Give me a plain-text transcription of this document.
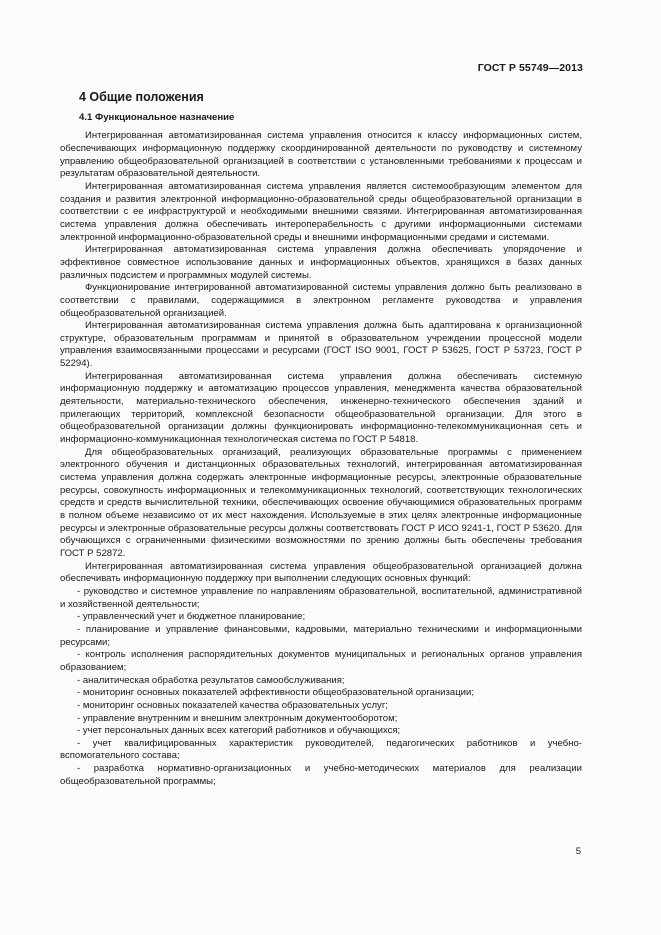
ГОСТ Р 55749—2013
4 Общие положения
4.1 Функциональное назначение

Интегрированная автоматизированная система управления относится к классу информационных систем, обеспечивающих информационную поддержку скоординированной деятельности по руководству и системному управлению общеобразовательной организацией в соответствии с установленными требованиями к процессам и результатам образовательной деятельности.

Интегрированная автоматизированная система управления является системообразующим элементом для создания и развития электронной информационно-образовательной среды общеобразовательной организации в соответствии с ее инфраструктурой и необходимыми внешними связями. Интегрированная автоматизированная система управления должна обеспечивать интероперабельность с другими информационными системами электронной информационно-образовательной среды и внешними информационными средами и системами.

Интегрированная автоматизированная система управления должна обеспечивать упорядочение и эффективное совместное использование данных и информационных объектов, хранящихся в базах данных различных подсистем и программных модулей системы.

Функционирование интегрированной автоматизированной системы управления должно быть реализовано в соответствии с правилами, содержащимися в электронном регламенте руководства и управления общеобразовательной организацией.

Интегрированная автоматизированная система управления должна быть адаптирована к организационной структуре, образовательным программам и принятой в образовательном учреждении процессной модели управления взаимосвязанными процессами и ресурсами (ГОСТ ISO 9001, ГОСТ Р 53625, ГОСТ Р 53723, ГОСТ Р 52294).

Интегрированная автоматизированная система управления должна обеспечивать системную информационную поддержку и автоматизацию процессов управления, менеджмента качества образовательной деятельности, материально-технического обеспечения, инженерно-технического обеспечения зданий и прилегающих территорий, комплексной безопасности общеобразовательной организации. Для этого в общеобразовательной организации должны функционировать информационно-телекоммуникационная сеть и информационно-коммуникационная технологическая система по ГОСТ Р 54818.

Для общеобразовательных организаций, реализующих образовательные программы с применением электронного обучения и дистанционных образовательных технологий, интегрированная автоматизированная система управления должна содержать электронные информационные ресурсы, электронные образовательные ресурсы, совокупность информационных и телекоммуникационных технологий, соответствующих технологических средств и средств вычислительной техники, обеспечивающих освоение обучающимися образовательных программ в полном объеме независимо от их мест нахождения. Используемые в этих целях электронные информационные ресурсы и электронные образовательные ресурсы должны соответствовать ГОСТ Р ИСО 9241-1, ГОСТ Р 53620. Для обучающихся с ограниченными физическими возможностями по зрению должны быть обеспечены требования ГОСТ Р 52872.

Интегрированная автоматизированная система управления общеобразовательной организацией должна обеспечивать информационную поддержку при выполнении следующих основных функций:

- руководство и системное управление по направлениям образовательной, воспитательной, административной и хозяйственной деятельности;
- управленческий учет и бюджетное планирование;
- планирование и управление финансовыми, кадровыми, материально техническими и информационными ресурсами;
- контроль исполнения распорядительных документов муниципальных и региональных органов управления образованием;
- аналитическая обработка результатов самообслуживания;
- мониторинг основных показателей эффективности общеобразовательной организации;
- мониторинг основных показателей качества образовательных услуг;
- управление внутренним и внешним электронным документооборотом;
- учет персональных данных всех категорий работников и обучающихся;
- учет квалифицированных характеристик руководителей, педагогических работников и учебно-вспомогательного состава;
- разработка нормативно-организационных и учебно-методических материалов для реализации общеобразовательной программы;
5
